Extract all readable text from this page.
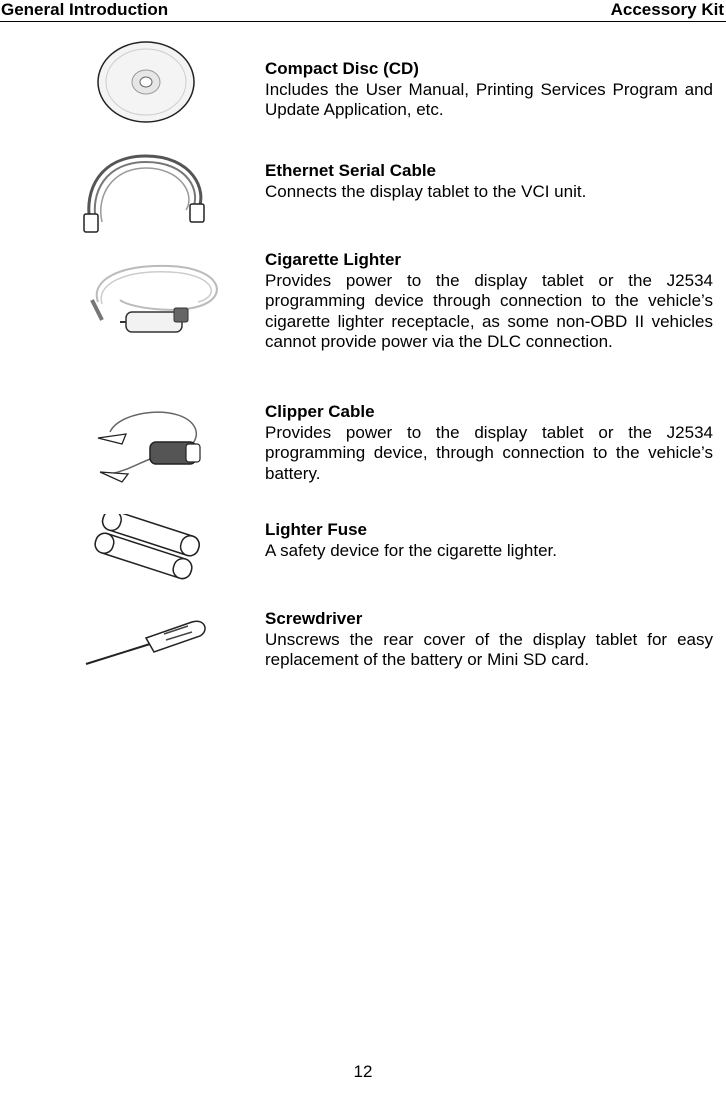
General Introduction	Accessory Kit
Compact Disc (CD)
Includes the User Manual, Printing Services Program and Update Application, etc.
Ethernet Serial Cable
Connects the display tablet to the VCI unit.
Cigarette Lighter
Provides power to the display tablet or the J2534 programming device through connection to the vehicle’s cigarette lighter receptacle, as some non-OBD II vehicles cannot provide power via the DLC connection.
Clipper Cable
Provides power to the display tablet or the J2534 programming device, through connection to the vehicle’s battery.
Lighter Fuse
A safety device for the cigarette lighter.
Screwdriver
Unscrews the rear cover of the display tablet for easy replacement of the battery or Mini SD card.
12
